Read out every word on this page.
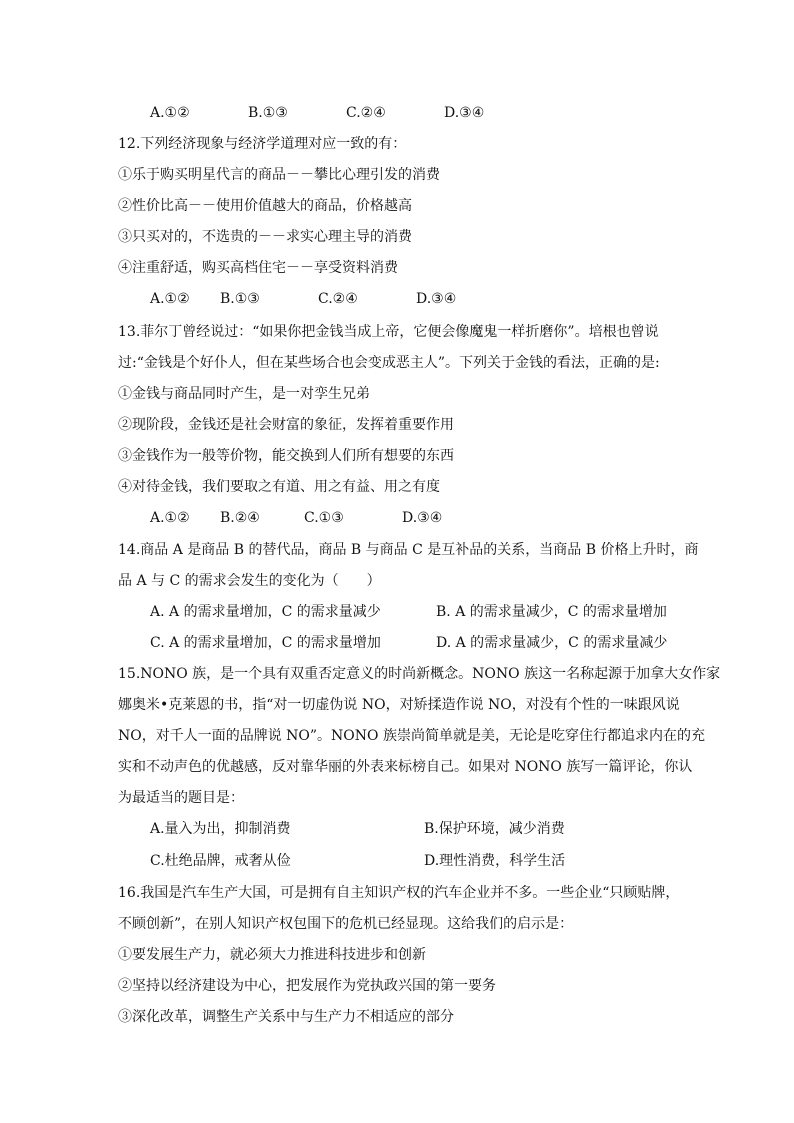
A.①②	B.①③	C.②④	D.③④
12.下列经济现象与经济学道理对应一致的有：
①乐于购买明星代言的商品－－攀比心理引发的消费
②性价比高－－使用价值越大的商品，价格越高
③只买对的，不选贵的－－求实心理主导的消费
④注重舒适，购买高档住宅－－享受资料消费
A.①② B.①③	C.②④	D.③④
13.菲尔丁曾经说过：“如果你把金钱当成上帝，它便会像魔鬼一样折磨你”。培根也曾说
过:“金钱是个好仆人，但在某些场合也会变成恶主人”。下列关于金钱的看法，正确的是:
①金钱与商品同时产生，是一对孪生兄弟
②现阶段，金钱还是社会财富的象征，发挥着重要作用
③金钱作为一般等价物，能交换到人们所有想要的东西
④对待金钱，我们要取之有道、用之有益、用之有度
A.①② B.②④	C.①③	D.③④
14.商品 A 是商品 B 的替代品，商品 B 与商品 C 是互补品的关系，当商品 B 价格上升时，商
品 A 与 C 的需求会发生的变化为（　　）
A. A 的需求量增加，C 的需求量减少	B. A 的需求量减少，C 的需求量增加
C. A 的需求量增加，C 的需求量增加	D. A 的需求量减少，C 的需求量减少
15.NONO 族，是一个具有双重否定意义的时尚新概念。NONO 族这一名称起源于加拿大女作家
娜奥米•克莱恩的书，指“对一切虚伪说 NO，对矫揉造作说 NO，对没有个性的一味跟风说
NO，对千人一面的品牌说 NO”。NONO 族崇尚简单就是美，无论是吃穿住行都追求内在的充
实和不动声色的优越感，反对靠华丽的外表来标榜自己。如果对 NONO 族写一篇评论，你认
为最适当的题目是：
A.量入为出，抑制消费	B.保护环境，减少消费
C.杜绝品牌，戒奢从俭	D.理性消费，科学生活
16.我国是汽车生产大国，可是拥有自主知识产权的汽车企业并不多。一些企业“只顾贴牌，
不顾创新”，在别人知识产权包围下的危机已经显现。这给我们的启示是：
①要发展生产力，就必须大力推进科技进步和创新
②坚持以经济建设为中心，把发展作为党执政兴国的第一要务
③深化改革，调整生产关系中与生产力不相适应的部分
